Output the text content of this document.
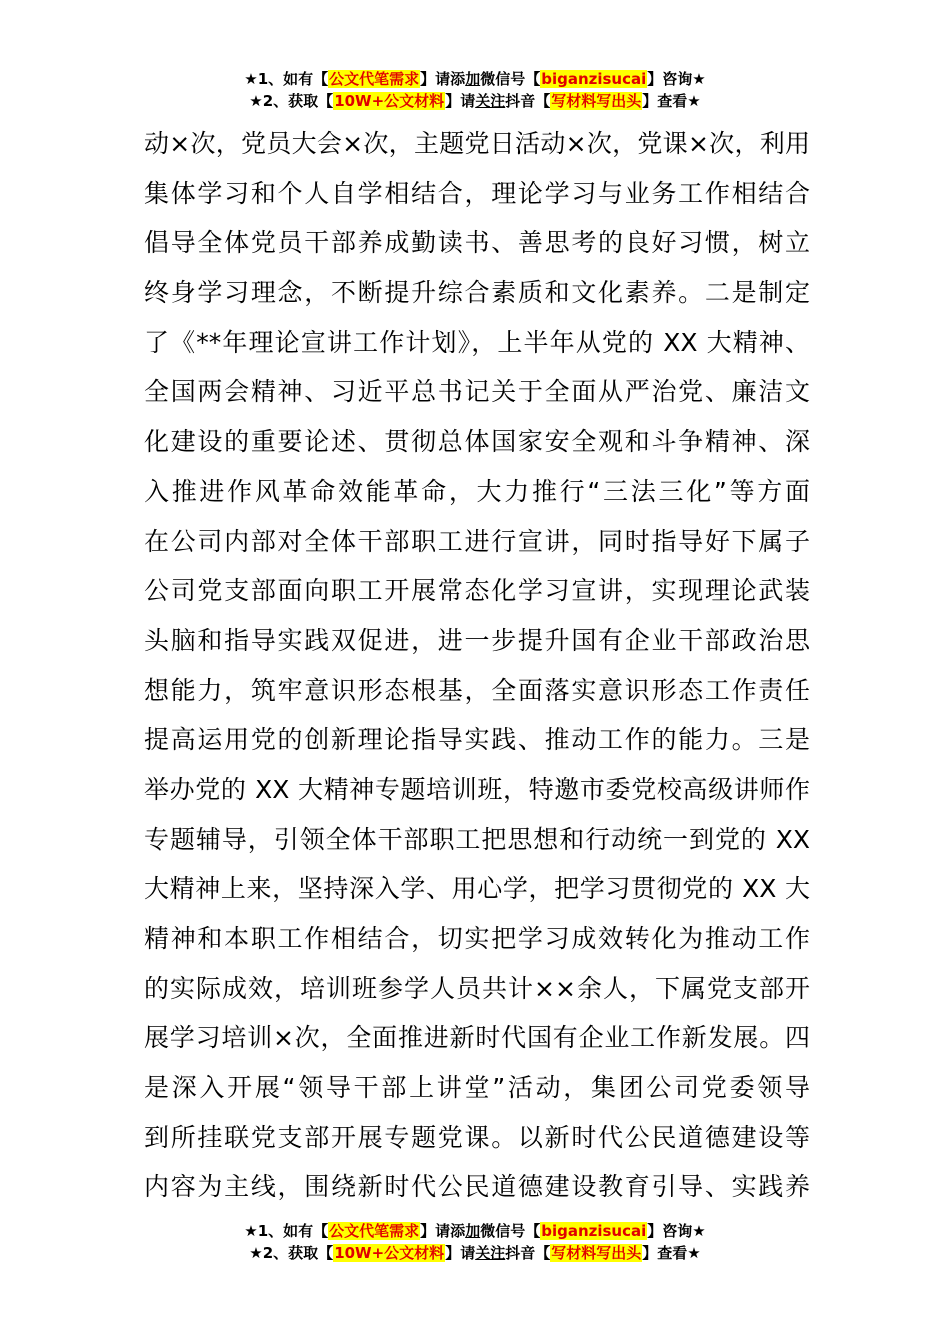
★1、如有【公文代笔需求】请添加微信号【biganzisucai】咨询★
★2、获取【10W+公文材料】请关注抖音【写材料写出头】查看★
动×次，党员大会×次，主题党日活动×次，党课×次，利用
集体学习和个人自学相结合，理论学习与业务工作相结合
倡导全体党员干部养成勤读书、善思考的良好习惯，树立
终身学习理念，不断提升综合素质和文化素养。二是制定
了《**年理论宣讲工作计划》，上半年从党的 XX 大精神、
全国两会精神、习近平总书记关于全面从严治党、廉洁文
化建设的重要论述、贯彻总体国家安全观和斗争精神、深
入推进作风革命效能革命，大力推行“三法三化”等方面
在公司内部对全体干部职工进行宣讲，同时指导好下属子
公司党支部面向职工开展常态化学习宣讲，实现理论武装
头脑和指导实践双促进，进一步提升国有企业干部政治思
想能力，筑牢意识形态根基，全面落实意识形态工作责任
提高运用党的创新理论指导实践、推动工作的能力。三是
举办党的 XX 大精神专题培训班，特邀市委党校高级讲师作
专题辅导，引领全体干部职工把思想和行动统一到党的 XX
大精神上来，坚持深入学、用心学，把学习贯彻党的 XX 大
精神和本职工作相结合，切实把学习成效转化为推动工作
的实际成效，培训班参学人员共计××余人，下属党支部开
展学习培训×次，全面推进新时代国有企业工作新发展。四
是深入开展“领导干部上讲堂”活动，集团公司党委领导
到所挂联党支部开展专题党课。以新时代公民道德建设等
内容为主线，围绕新时代公民道德建设教育引导、实践养
★1、如有【公文代笔需求】请添加微信号【biganzisucai】咨询★
★2、获取【10W+公文材料】请关注抖音【写材料写出头】查看★
